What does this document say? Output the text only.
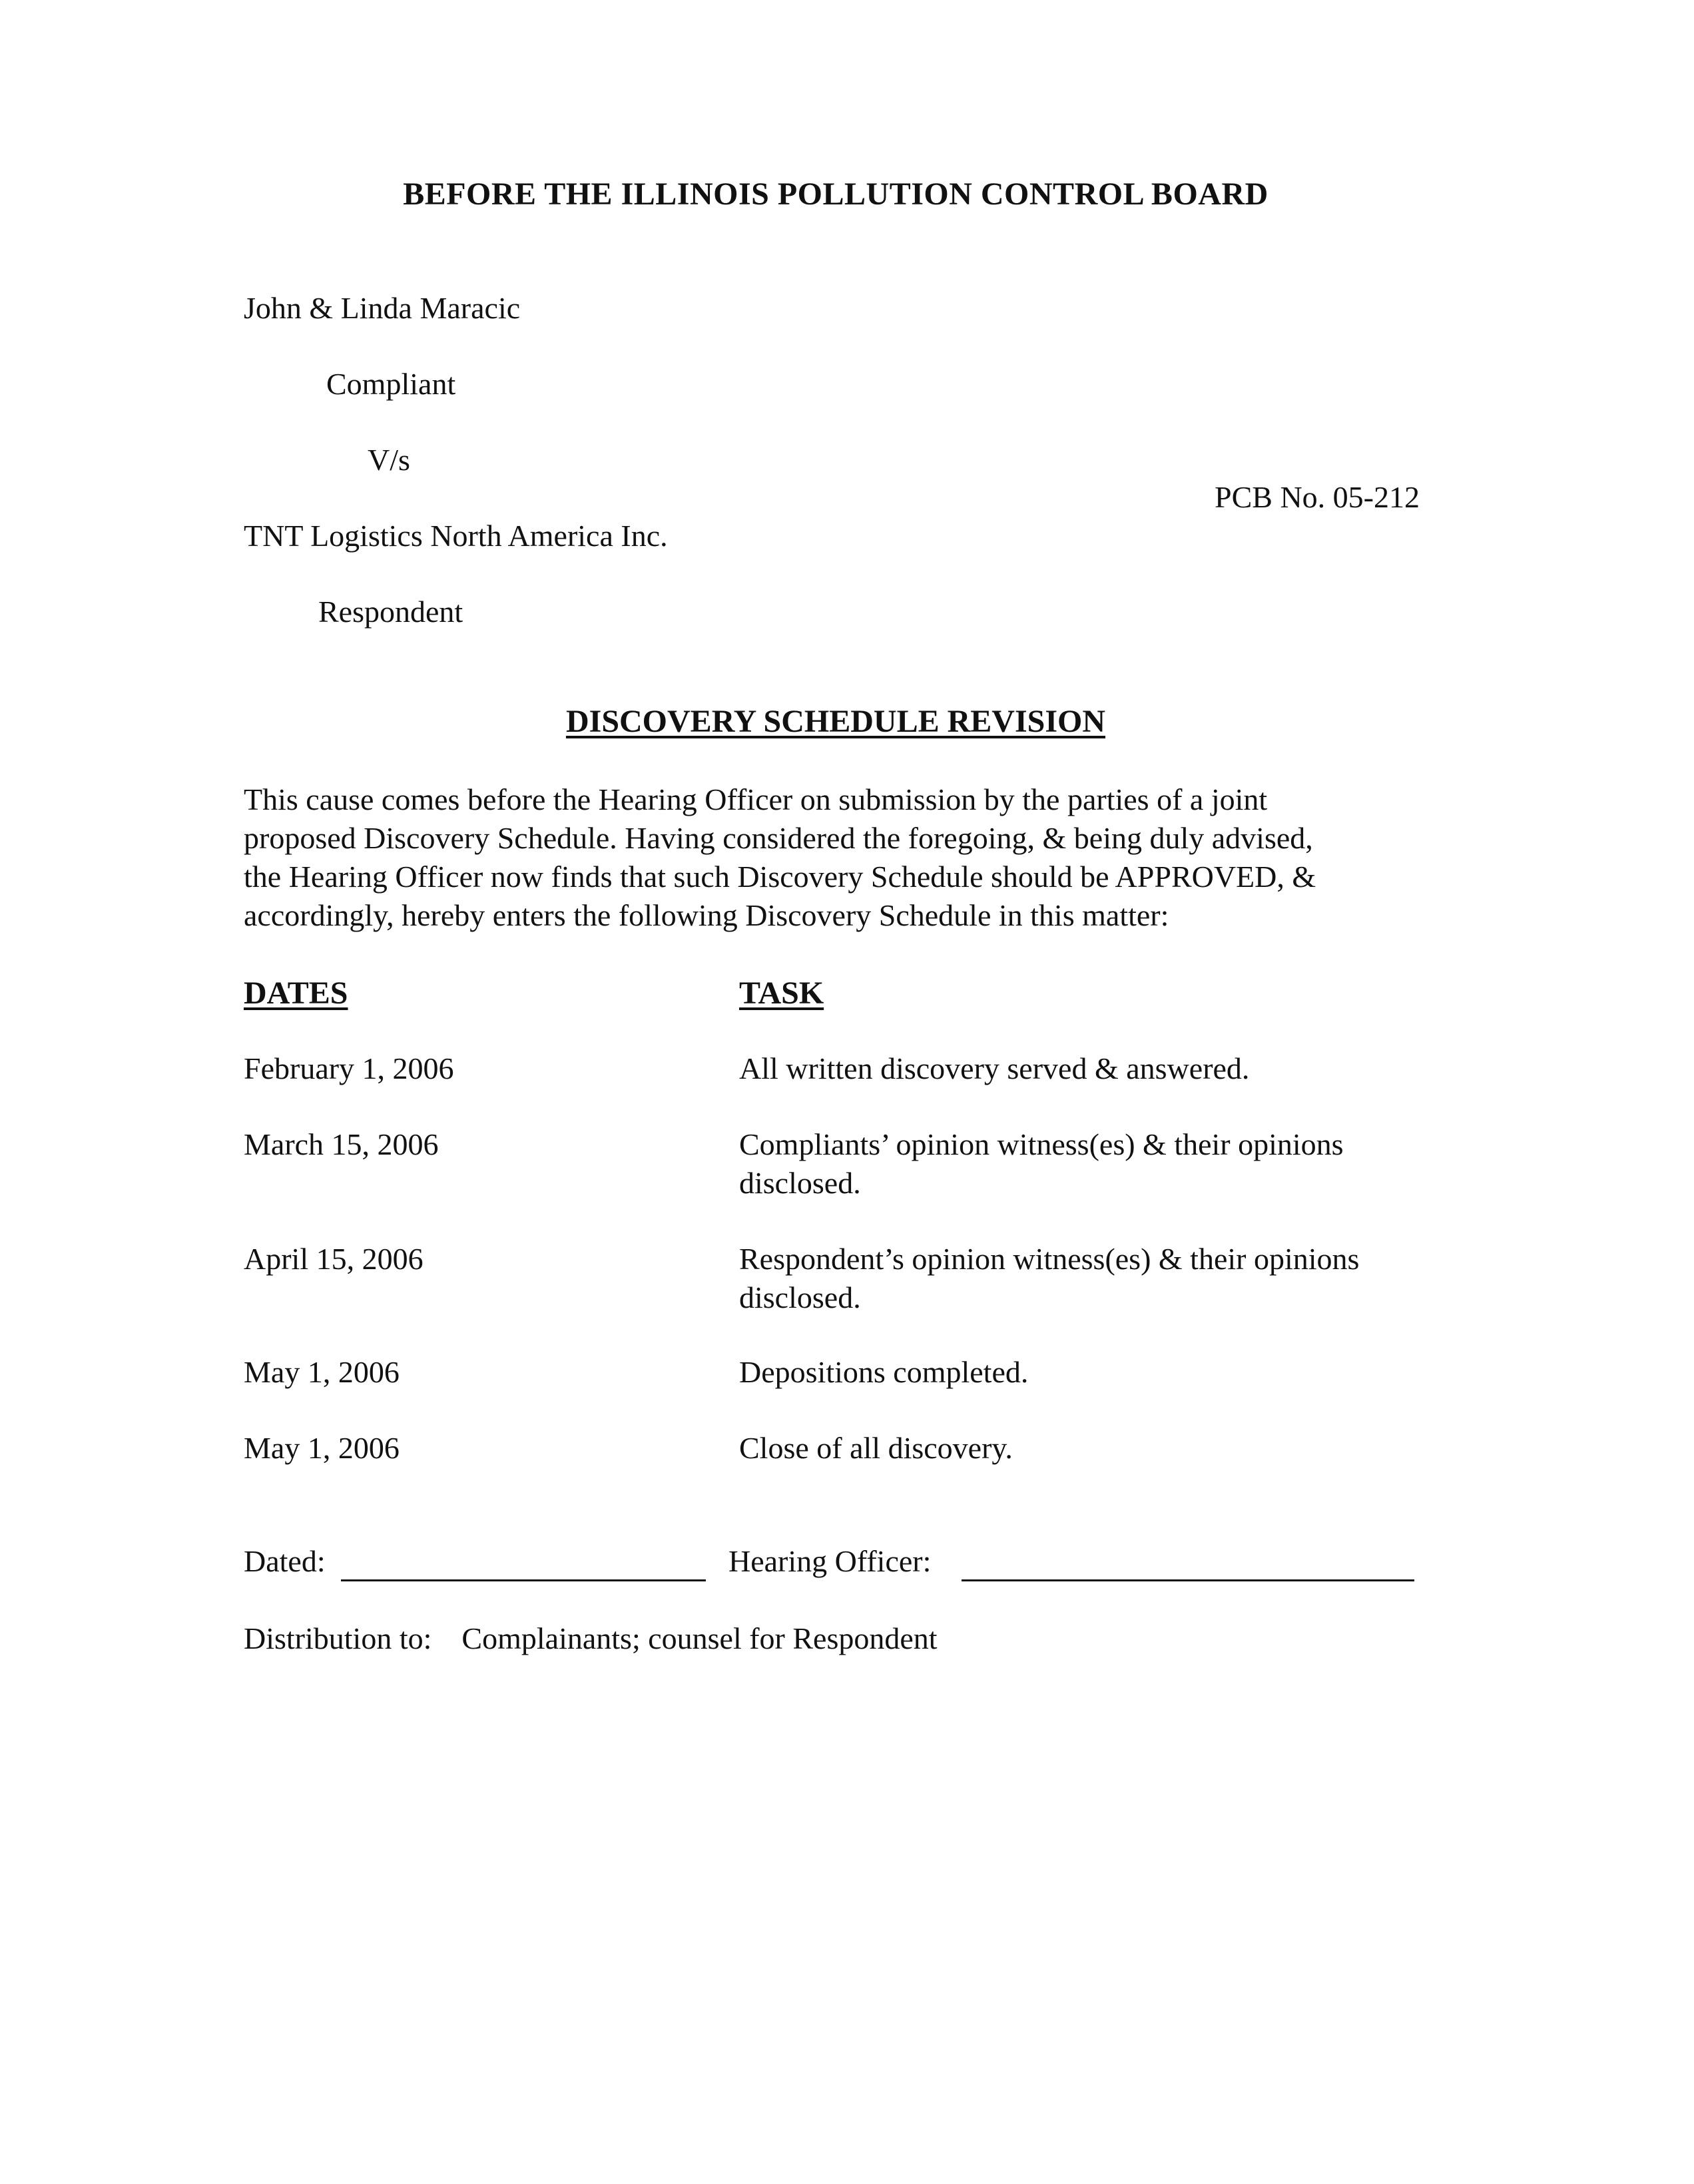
BEFORE THE ILLINOIS POLLUTION CONTROL BOARD
John & Linda Maracic
Compliant
V/s
PCB No. 05-212
TNT Logistics North America Inc.
Respondent
DISCOVERY SCHEDULE REVISION
This cause comes before the Hearing Officer on submission by the parties of a joint
proposed Discovery Schedule. Having considered the foregoing, & being duly advised,
the Hearing Officer now finds that such Discovery Schedule should be APPROVED, &
accordingly, hereby enters the following Discovery Schedule in this matter:
DATES	TASK
February 1, 2006	All written discovery served & answered.
March 15, 2006	Compliants’ opinion witness(es) & their opinions
disclosed.
April 15, 2006	Respondent’s opinion witness(es) & their opinions
disclosed.
May 1, 2006	Depositions completed.
May 1, 2006	Close of all discovery.
Dated:	Hearing Officer:
Distribution to: Complainants; counsel for Respondent
